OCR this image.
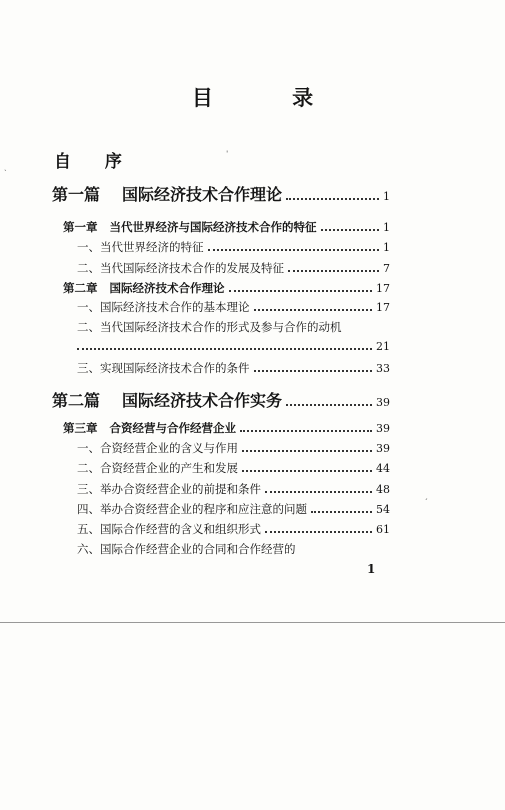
目 录
自 序
第一篇 国际经济技术合作理论	1
第一章 当代世界经济与国际经济技术合作的特征	1
一、当代世界经济的特征	1
二、当代国际经济技术合作的发展及特征	7
第二章 国际经济技术合作理论	17
一、国际经济技术合作的基本理论	17
二、当代国际经济技术合作的形式及参与合作的动机
21
三、实现国际经济技术合作的条件	33
第二篇 国际经济技术合作实务	39
第三章 合资经营与合作经营企业	39
一、合资经营企业的含义与作用	39
二、合资经营企业的产生和发展	44
三、举办合资经营企业的前提和条件	48
四、举办合资经营企业的程序和应注意的问题	54
五、国际合作经营的含义和组织形式	61
六、国际合作经营企业的合同和合作经营的
1
ˏ
ˈ
ˊ
